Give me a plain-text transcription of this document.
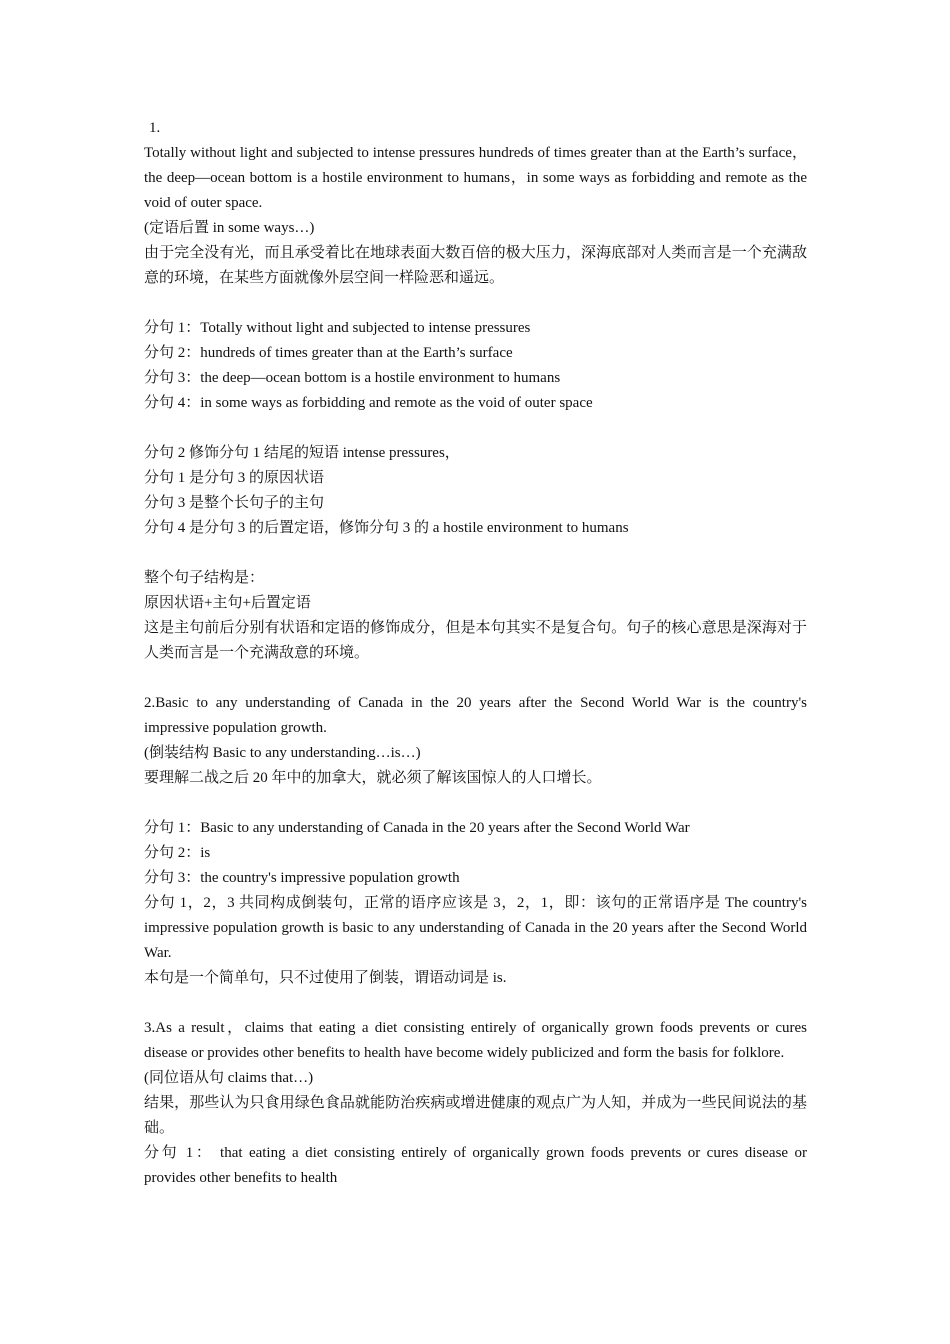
1.
Totally without light and subjected to intense pressures hundreds of times greater than at the Earth’s surface，the deep—ocean bottom is a hostile environment to humans，in some ways as forbidding and remote as the void of outer space.
(定语后置 in some ways…)
由于完全没有光，而且承受着比在地球表面大数百倍的极大压力，深海底部对人类而言是一个充满敌意的环境，在某些方面就像外层空间一样险恶和遥远。
分句 1：Totally without light and subjected to intense pressures
分句 2：hundreds of times greater than at the Earth’s surface
分句 3：the deep—ocean bottom is a hostile environment to humans
分句 4：in some ways as forbidding and remote as the void of outer space
分句 2 修饰分句 1 结尾的短语 intense pressures，
分句 1 是分句 3 的原因状语
分句 3 是整个长句子的主句
分句 4 是分句 3 的后置定语，修饰分句 3 的 a hostile environment to humans
整个句子结构是：
原因状语+主句+后置定语
这是主句前后分别有状语和定语的修饰成分，但是本句其实不是复合句。句子的核心意思是深海对于人类而言是一个充满敌意的环境。
2.Basic to any understanding of Canada in the 20 years after the Second World War is the country's impressive population growth.
(倒装结构 Basic to any understanding…is…)
要理解二战之后 20 年中的加拿大，就必须了解该国惊人的人口增长。
分句 1：Basic to any understanding of Canada in the 20 years after the Second World War
分句 2：is
分句 3：the country's impressive population growth
分句 1，2，3 共同构成倒装句，正常的语序应该是 3，2，1，即：该句的正常语序是 The country's impressive population growth is basic to any understanding of Canada in the 20 years after the Second World War.
本句是一个简单句，只不过使用了倒装，谓语动词是 is.
3.As a result，claims that eating a diet consisting entirely of organically grown foods prevents or cures disease or provides other benefits to health have become widely publicized and form the basis for folklore.
(同位语从句 claims that…)
结果，那些认为只食用绿色食品就能防治疾病或增进健康的观点广为人知，并成为一些民间说法的基础。
分句 1： that eating a diet consisting entirely of organically grown foods prevents or cures disease or provides other benefits to health
